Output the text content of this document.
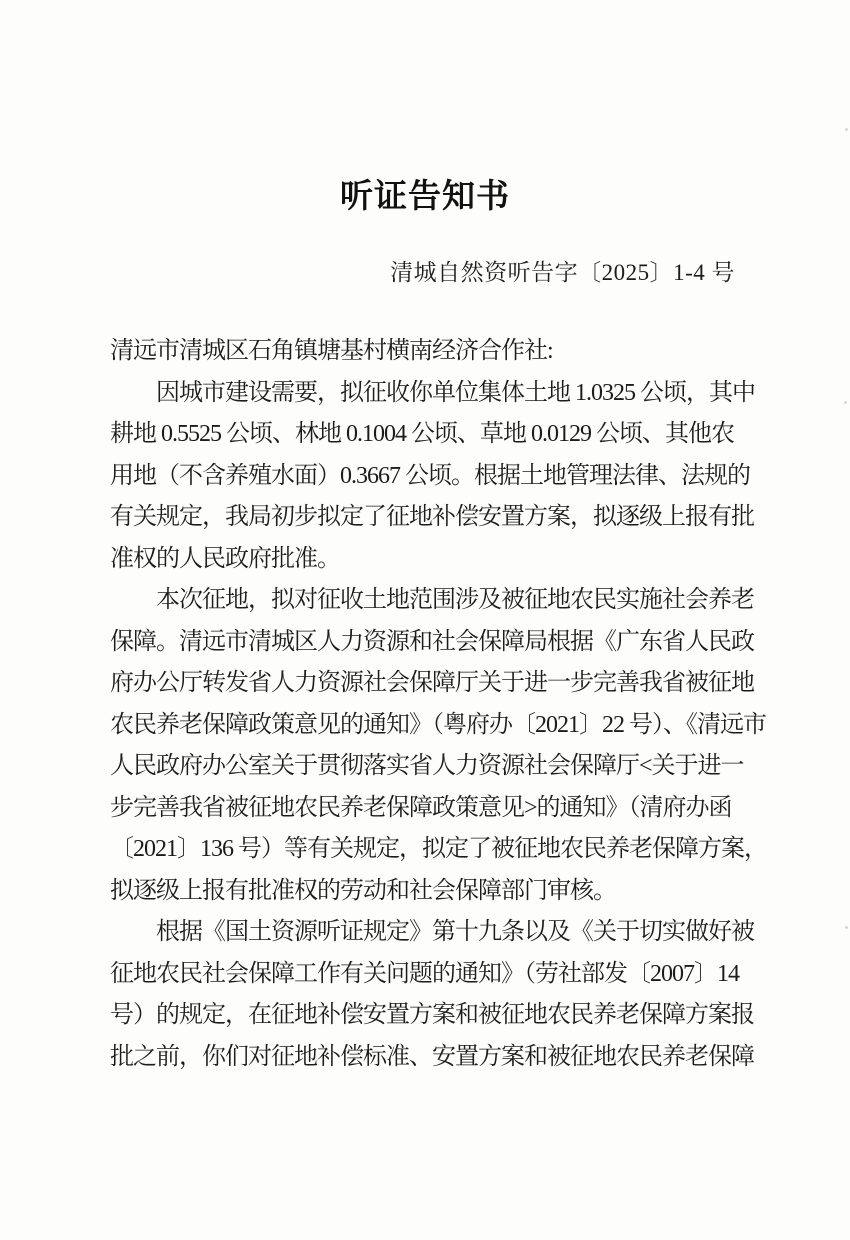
听证告知书
清城自然资听告字〔2025〕1-4 号
清远市清城区石角镇塘基村横南经济合作社:
因城市建设需要，拟征收你单位集体土地 1.0325 公顷，其中
耕地 0.5525 公顷、林地 0.1004 公顷、草地 0.0129 公顷、其他农
用地（不含养殖水面）0.3667 公顷。根据土地管理法律、法规的
有关规定，我局初步拟定了征地补偿安置方案，拟逐级上报有批
准权的人民政府批准。
本次征地，拟对征收土地范围涉及被征地农民实施社会养老
保障。清远市清城区人力资源和社会保障局根据《广东省人民政
府办公厅转发省人力资源社会保障厅关于进一步完善我省被征地
农民养老保障政策意见的通知》（粤府办〔2021〕22 号）、《清远市
人民政府办公室关于贯彻落实省人力资源社会保障厅<关于进一
步完善我省被征地农民养老保障政策意见>的通知》（清府办函
〔2021〕136 号）等有关规定，拟定了被征地农民养老保障方案，
拟逐级上报有批准权的劳动和社会保障部门审核。
根据《国土资源听证规定》第十九条以及《关于切实做好被
征地农民社会保障工作有关问题的通知》（劳社部发〔2007〕14
号）的规定，在征地补偿安置方案和被征地农民养老保障方案报
批之前，你们对征地补偿标准、安置方案和被征地农民养老保障
